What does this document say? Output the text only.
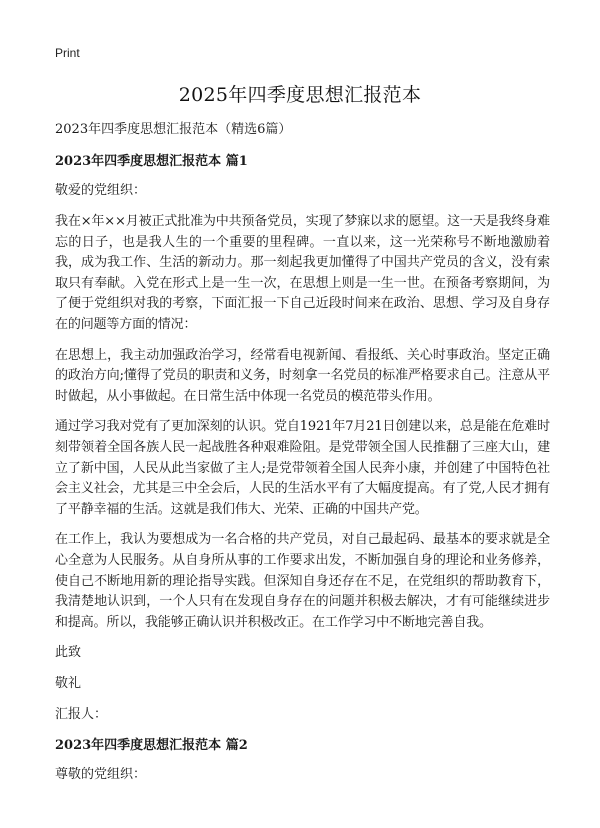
Print
2025年四季度思想汇报范本

2023年四季度思想汇报范本（精选6篇）

2023年四季度思想汇报范本 篇1

敬爱的党组织：

我在×年××月被正式批准为中共预备党员，实现了梦寐以求的愿望。这一天是我终身难忘的日子，也是我人生的一个重要的里程碑。一直以来，这一光荣称号不断地激励着我，成为我工作、生活的新动力。那一刻起我更加懂得了中国共产党员的含义，没有索取只有奉献。入党在形式上是一生一次，在思想上则是一生一世。在预备考察期间，为了便于党组织对我的考察，下面汇报一下自己近段时间来在政治、思想、学习及自身存在的问题等方面的情况：

在思想上，我主动加强政治学习，经常看电视新闻、看报纸、关心时事政治。坚定正确的政治方向;懂得了党员的职责和义务，时刻拿一名党员的标准严格要求自己。注意从平时做起，从小事做起。在日常生活中体现一名党员的模范带头作用。

通过学习我对党有了更加深刻的认识。党自1921年7月21日创建以来，总是能在危难时刻带领着全国各族人民一起战胜各种艰难险阻。是党带领全国人民推翻了三座大山，建立了新中国，人民从此当家做了主人;是党带领着全国人民奔小康，并创建了中国特色社会主义社会，尤其是三中全会后，人民的生活水平有了大幅度提高。有了党,人民才拥有了平静幸福的生活。这就是我们伟大、光荣、正确的中国共产党。

在工作上，我认为要想成为一名合格的共产党员，对自己最起码、最基本的要求就是全心全意为人民服务。从自身所从事的工作要求出发，不断加强自身的理论和业务修养，使自己不断地用新的理论指导实践。但深知自身还存在不足，在党组织的帮助教育下，我清楚地认识到，一个人只有在发现自身存在的问题并积极去解决，才有可能继续进步和提高。所以，我能够正确认识并积极改正。在工作学习中不断地完善自我。

此致

敬礼

汇报人：

2023年四季度思想汇报范本 篇2

尊敬的党组织：
